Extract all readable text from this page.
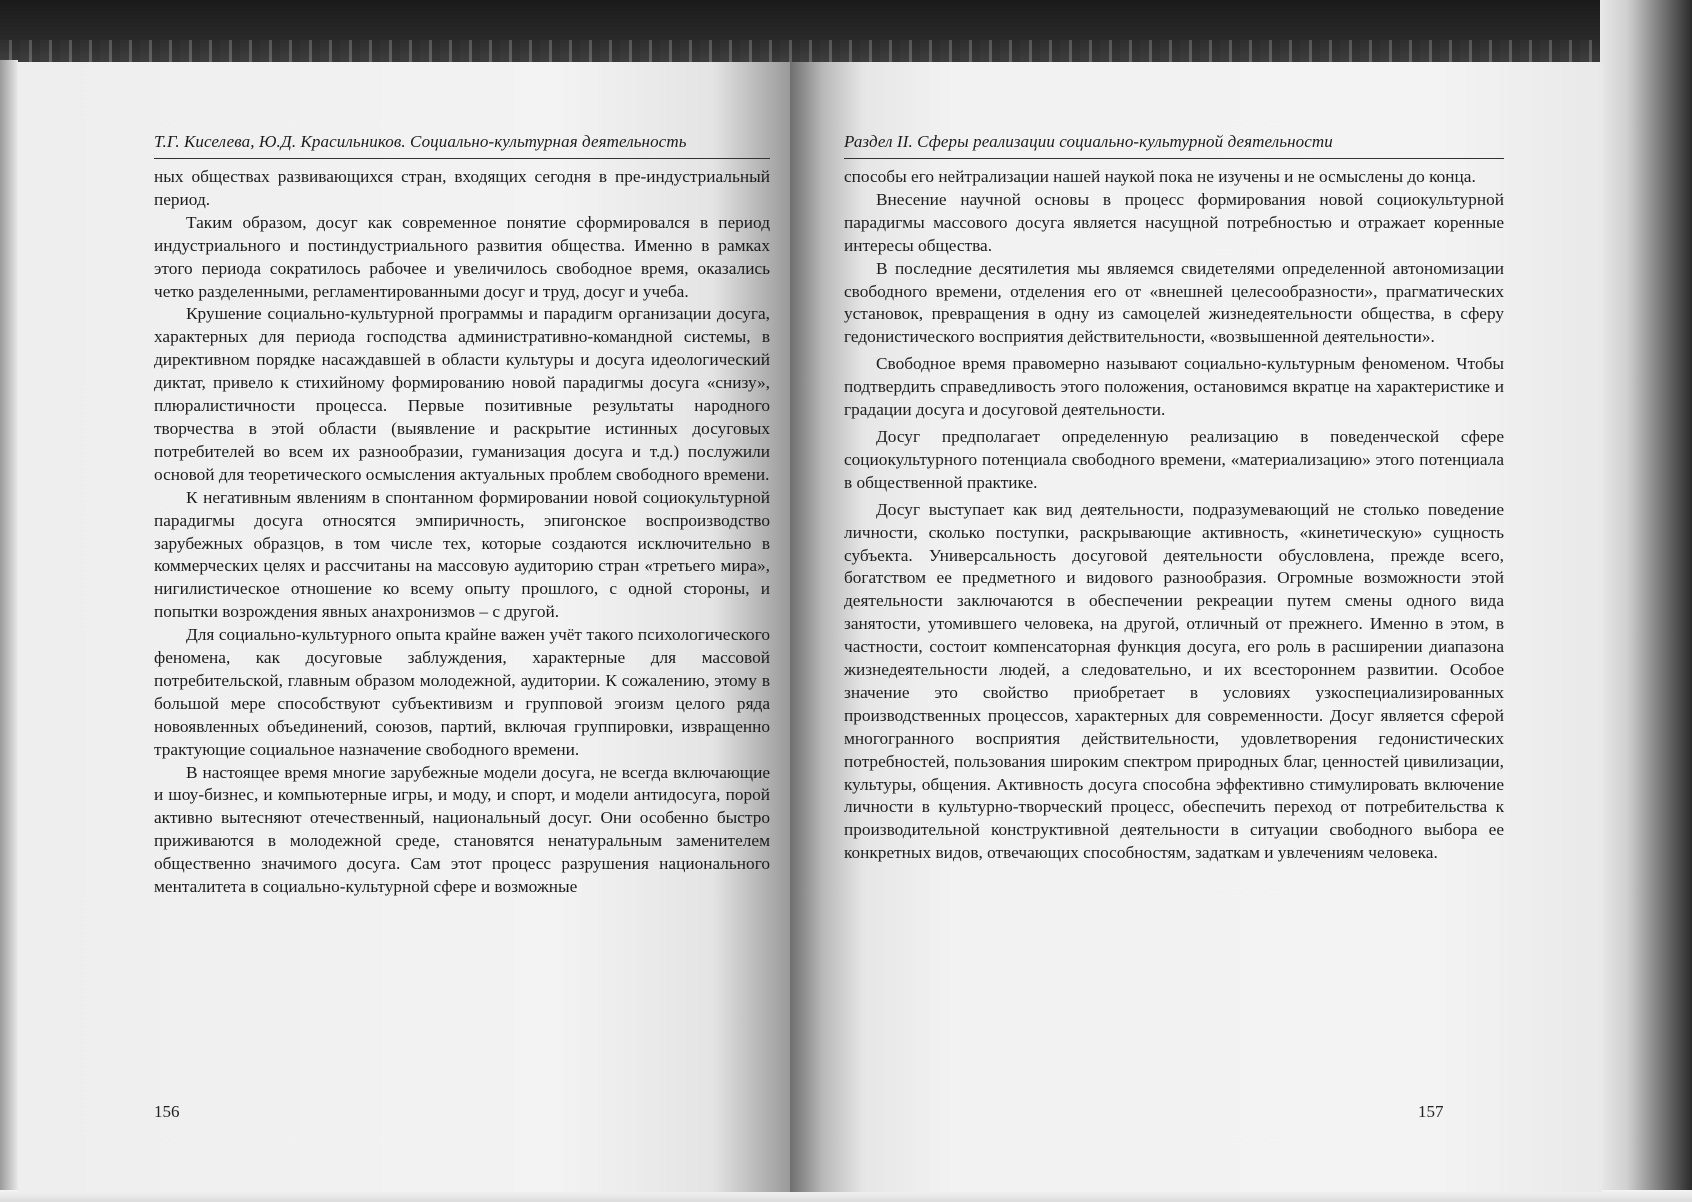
Т.Г. Киселева, Ю.Д. Красильников. Социально-культурная деятельность

ных обществах развивающихся стран, входящих сегодня в пре-индустриальный период.

Таким образом, досуг как современное понятие сформировался в период индустриального и постиндустриального развития общества. Именно в рамках этого периода сократилось рабочее и увеличилось свободное время, оказались четко разделенными, регламентированными досуг и труд, досуг и учеба.

Крушение социально-культурной программы и парадигм организации досуга, характерных для периода господства административно-командной системы, в директивном порядке насаждавшей в области культуры и досуга идеологический диктат, привело к стихийному формированию новой парадигмы досуга «снизу», плюралистичности процесса. Первые позитивные результаты народного творчества в этой области (выявление и раскрытие истинных досуговых потребителей во всем их разнообразии, гуманизация досуга и т.д.) послужили основой для теоретического осмысления актуальных проблем свободного времени.

К негативным явлениям в спонтанном формировании новой социокультурной парадигмы досуга относятся эмпиричность, эпигонское воспроизводство зарубежных образцов, в том числе тех, которые создаются исключительно в коммерческих целях и рассчитаны на массовую аудиторию стран «третьего мира», нигилистическое отношение ко всему опыту прошлого, с одной стороны, и попытки возрождения явных анахронизмов – с другой.

Для социально-культурного опыта крайне важен учёт такого психологического феномена, как досуговые заблуждения, характерные для массовой потребительской, главным образом молодежной, аудитории. К сожалению, этому в большой мере способствуют субъективизм и групповой эгоизм целого ряда новоявленных объединений, союзов, партий, включая группировки, извращенно трактующие социальное назначение свободного времени.

В настоящее время многие зарубежные модели досуга, не всегда включающие и шоу-бизнес, и компьютерные игры, и моду, и спорт, и модели антидосуга, порой активно вытесняют отечественный, национальный досуг. Они особенно быстро приживаются в молодежной среде, становятся ненатуральным заменителем общественно значимого досуга. Сам этот процесс разрушения национального менталитета в социально-культурной сфере и возможные

156
Раздел II. Сферы реализации социально-культурной деятельности

способы его нейтрализации нашей наукой пока не изучены и не осмыслены до конца.

Внесение научной основы в процесс формирования новой социокультурной парадигмы массового досуга является насущной потребностью и отражает коренные интересы общества.

В последние десятилетия мы являемся свидетелями определенной автономизации свободного времени, отделения его от «внешней целесообразности», прагматических установок, превращения в одну из самоцелей жизнедеятельности общества, в сферу гедонистического восприятия действительности, «возвышенной деятельности».

Свободное время правомерно называют социально-культурным феноменом. Чтобы подтвердить справедливость этого положения, остановимся вкратце на характеристике и градации досуга и досуговой деятельности.

Досуг предполагает определенную реализацию в поведенческой сфере социокультурного потенциала свободного времени, «материализацию» этого потенциала в общественной практике.

Досуг выступает как вид деятельности, подразумевающий не столько поведение личности, сколько поступки, раскрывающие активность, «кинетическую» сущность субъекта. Универсальность досуговой деятельности обусловлена, прежде всего, богатством ее предметного и видового разнообразия. Огромные возможности этой деятельности заключаются в обеспечении рекреации путем смены одного вида занятости, утомившего человека, на другой, отличный от прежнего. Именно в этом, в частности, состоит компенсаторная функция досуга, его роль в расширении диапазона жизнедеятельности людей, а следовательно, и их всестороннем развитии. Особое значение это свойство приобретает в условиях узкоспециализированных производственных процессов, характерных для современности. Досуг является сферой многогранного восприятия действительности, удовлетворения гедонистических потребностей, пользования широким спектром природных благ, ценностей цивилизации, культуры, общения. Активность досуга способна эффективно стимулировать включение личности в культурно-творческий процесс, обеспечить переход от потребительства к производительной конструктивной деятельности в ситуации свободного выбора ее конкретных видов, отвечающих способностям, задаткам и увлечениям человека.

157
